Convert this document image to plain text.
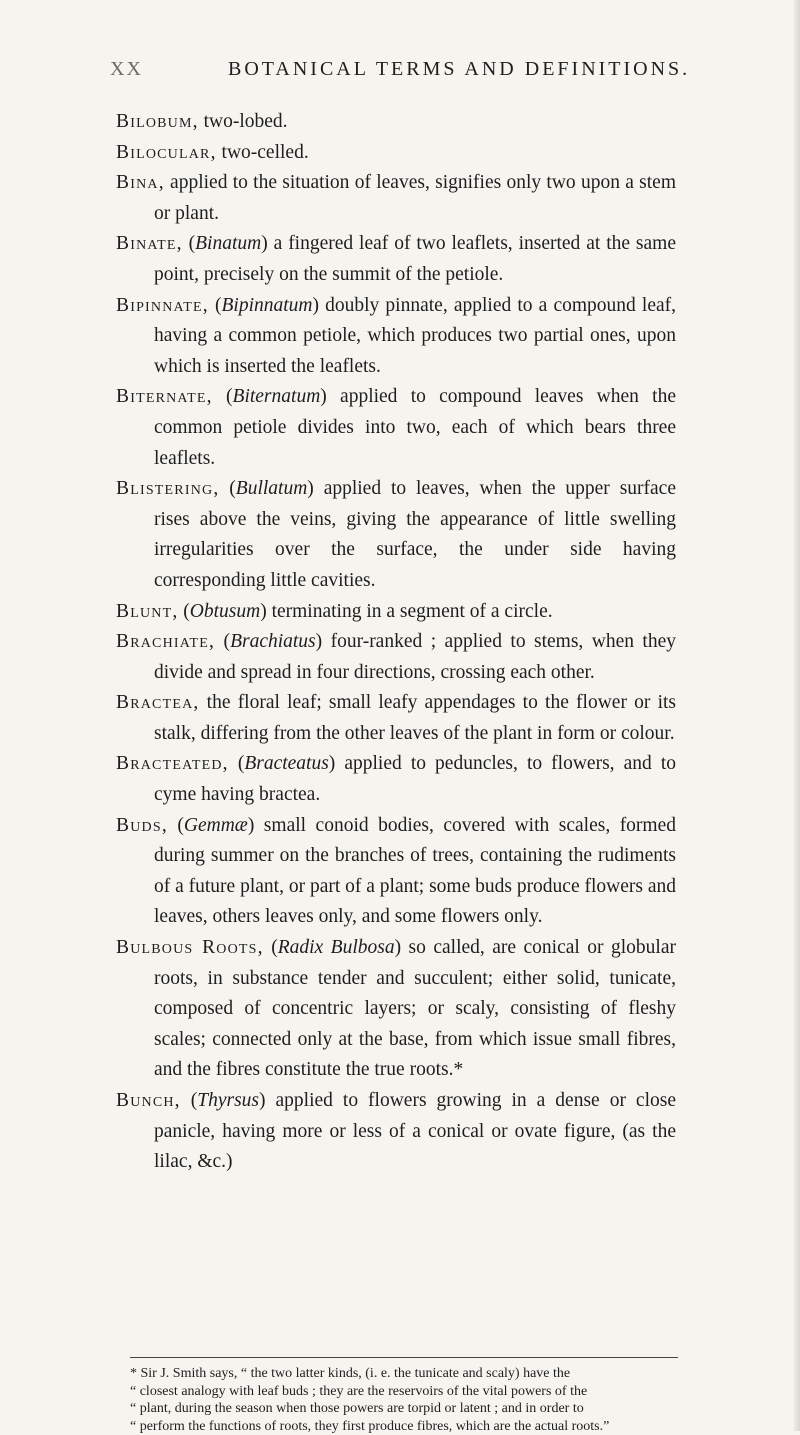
XX	BOTANICAL TERMS AND DEFINITIONS.

Bilobum, two-lobed.

Bilocular, two-celled.

Bina, applied to the situation of leaves, signifies only two upon a stem or plant.

Binate, (Binatum) a fingered leaf of two leaflets, inserted at the same point, precisely on the summit of the petiole.

Bipinnate, (Bipinnatum) doubly pinnate, applied to a compound leaf, having a common petiole, which produces two partial ones, upon which is inserted the leaflets.

Biternate, (Biternatum) applied to compound leaves when the common petiole divides into two, each of which bears three leaflets.

Blistering, (Bullatum) applied to leaves, when the upper surface rises above the veins, giving the appearance of little swelling irregularities over the surface, the under side having corresponding little cavities.

Blunt, (Obtusum) terminating in a segment of a circle.

Brachiate, (Brachiatus) four-ranked ; applied to stems, when they divide and spread in four directions, crossing each other.

Bractea, the floral leaf; small leafy appendages to the flower or its stalk, differing from the other leaves of the plant in form or colour.

Bracteated, (Bracteatus) applied to peduncles, to flowers, and to cyme having bractea.

Buds, (Gemmæ) small conoid bodies, covered with scales, formed during summer on the branches of trees, containing the rudiments of a future plant, or part of a plant; some buds produce flowers and leaves, others leaves only, and some flowers only.

Bulbous Roots, (Radix Bulbosa) so called, are conical or globular roots, in substance tender and succulent; either solid, tunicate, composed of concentric layers; or scaly, consisting of fleshy scales; connected only at the base, from which issue small fibres, and the fibres constitute the true roots.*

Bunch, (Thyrsus) applied to flowers growing in a dense or close panicle, having more or less of a conical or ovate figure, (as the lilac, &c.)

* Sir J. Smith says, “ the two latter kinds, (i. e. the tunicate and scaly) have the
“ closest analogy with leaf buds ; they are the reservoirs of the vital powers of the
“ plant, during the season when those powers are torpid or latent ; and in order to
“ perform the functions of roots, they first produce fibres, which are the actual roots.”
